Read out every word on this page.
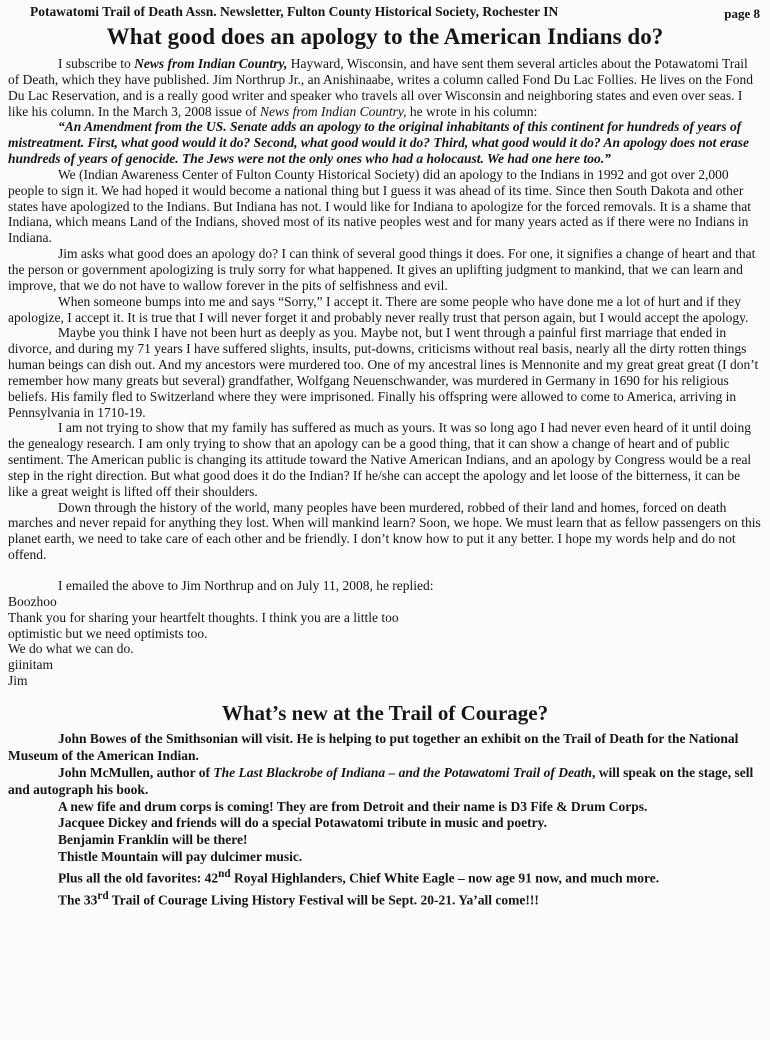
Potawatomi Trail of Death Assn. Newsletter, Fulton County Historical Society, Rochester IN	page 8
What good does an apology to the American Indians do?

I subscribe to News from Indian Country, Hayward, Wisconsin, and have sent them several articles about the Potawatomi Trail of Death, which they have published. Jim Northrup Jr., an Anishinaabe, writes a column called Fond Du Lac Follies. He lives on the Fond Du Lac Reservation, and is a really good writer and speaker who travels all over Wisconsin and neighboring states and even over seas. I like his column. In the March 3, 2008 issue of News from Indian Country, he wrote in his column:

“An Amendment from the US. Senate adds an apology to the original inhabitants of this continent for hundreds of years of mistreatment. First, what good would it do? Second, what good would it do? Third, what good would it do? An apology does not erase hundreds of years of genocide. The Jews were not the only ones who had a holocaust. We had one here too.”

We (Indian Awareness Center of Fulton County Historical Society) did an apology to the Indians in 1992 and got over 2,000 people to sign it. We had hoped it would become a national thing but I guess it was ahead of its time. Since then South Dakota and other states have apologized to the Indians. But Indiana has not. I would like for Indiana to apologize for the forced removals. It is a shame that Indiana, which means Land of the Indians, shoved most of its native peoples west and for many years acted as if there were no Indians in Indiana.

Jim asks what good does an apology do? I can think of several good things it does. For one, it signifies a change of heart and that the person or government apologizing is truly sorry for what happened. It gives an uplifting judgment to mankind, that we can learn and improve, that we do not have to wallow forever in the pits of selfishness and evil.

When someone bumps into me and says “Sorry,” I accept it. There are some people who have done me a lot of hurt and if they apologize, I accept it. It is true that I will never forget it and probably never really trust that person again, but I would accept the apology.

Maybe you think I have not been hurt as deeply as you. Maybe not, but I went through a painful first marriage that ended in divorce, and during my 71 years I have suffered slights, insults, put-downs, criticisms without real basis, nearly all the dirty rotten things human beings can dish out. And my ancestors were murdered too. One of my ancestral lines is Mennonite and my great great great (I don’t remember how many greats but several) grandfather, Wolfgang Neuenschwander, was murdered in Germany in 1690 for his religious beliefs. His family fled to Switzerland where they were imprisoned. Finally his offspring were allowed to come to America, arriving in Pennsylvania in 1710-19.

I am not trying to show that my family has suffered as much as yours. It was so long ago I had never even heard of it until doing the genealogy research. I am only trying to show that an apology can be a good thing, that it can show a change of heart and of public sentiment. The American public is changing its attitude toward the Native American Indians, and an apology by Congress would be a real step in the right direction. But what good does it do the Indian? If he/she can accept the apology and let loose of the bitterness, it can be like a great weight is lifted off their shoulders.

Down through the history of the world, many peoples have been murdered, robbed of their land and homes, forced on death marches and never repaid for anything they lost. When will mankind learn? Soon, we hope. We must learn that as fellow passengers on this planet earth, we need to take care of each other and be friendly. I don’t know how to put it any better. I hope my words help and do not offend.

I emailed the above to Jim Northrup and on July 11, 2008, he replied:

Boozhoo

Thank you for sharing your heartfelt thoughts. I think you are a little too

optimistic but we need optimists too.

We do what we can do.

giinitam

Jim

What’s new at the Trail of Courage?

John Bowes of the Smithsonian will visit. He is helping to put together an exhibit on the Trail of Death for the National Museum of the American Indian.

John McMullen, author of The Last Blackrobe of Indiana – and the Potawatomi Trail of Death, will speak on the stage, sell and autograph his book.

A new fife and drum corps is coming! They are from Detroit and their name is D3 Fife & Drum Corps.

Jacquee Dickey and friends will do a special Potawatomi tribute in music and poetry.

Benjamin Franklin will be there!

Thistle Mountain will pay dulcimer music.

Plus all the old favorites: 42nd Royal Highlanders, Chief White Eagle – now age 91 now, and much more.

The 33rd Trail of Courage Living History Festival will be Sept. 20-21. Ya’all come!!!
